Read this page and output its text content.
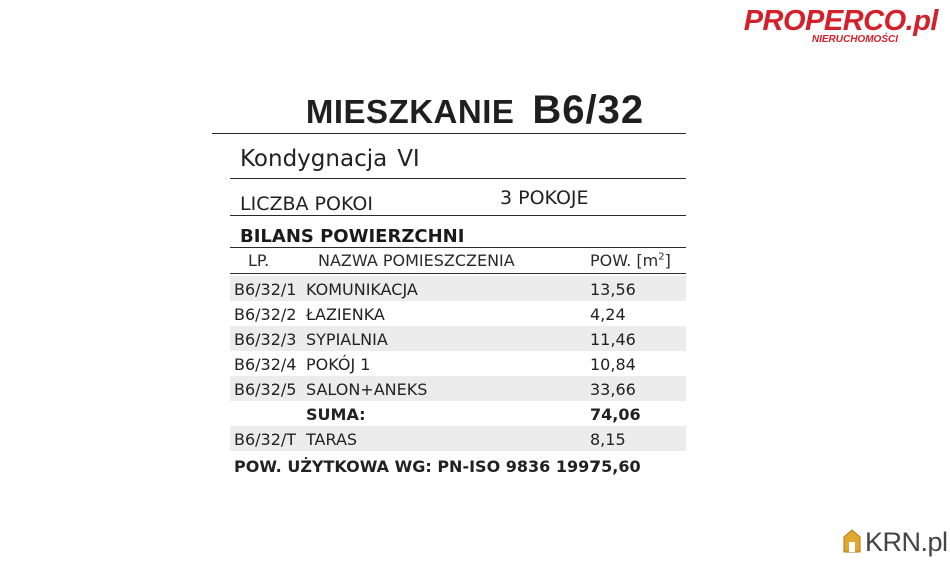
PROPERCO.pl
NIERUCHOMOŚCI
MIESZKANIE B6/32
Kondygnacja VI
LICZBA POKOI	3 POKOJE
BILANS POWIERZCHNI
LP.	NAZWA POMIESZCZENIA	POW. $[m^2]$
B6/32/1 KOMUNIKACJA	13,56
B6/32/2 ŁAZIENKA	4,24
B6/32/3 SYPIALNIA	11,46
B6/32/4 POKÓJ 1	10,84
B6/32/5 SALON+ANEKS	33,66
SUMA:	74,06
B6/32/T TARAS	8,15
POW. UŻYTKOWA WG: PN-ISO 9836 1997
75,60
KRN.pl
